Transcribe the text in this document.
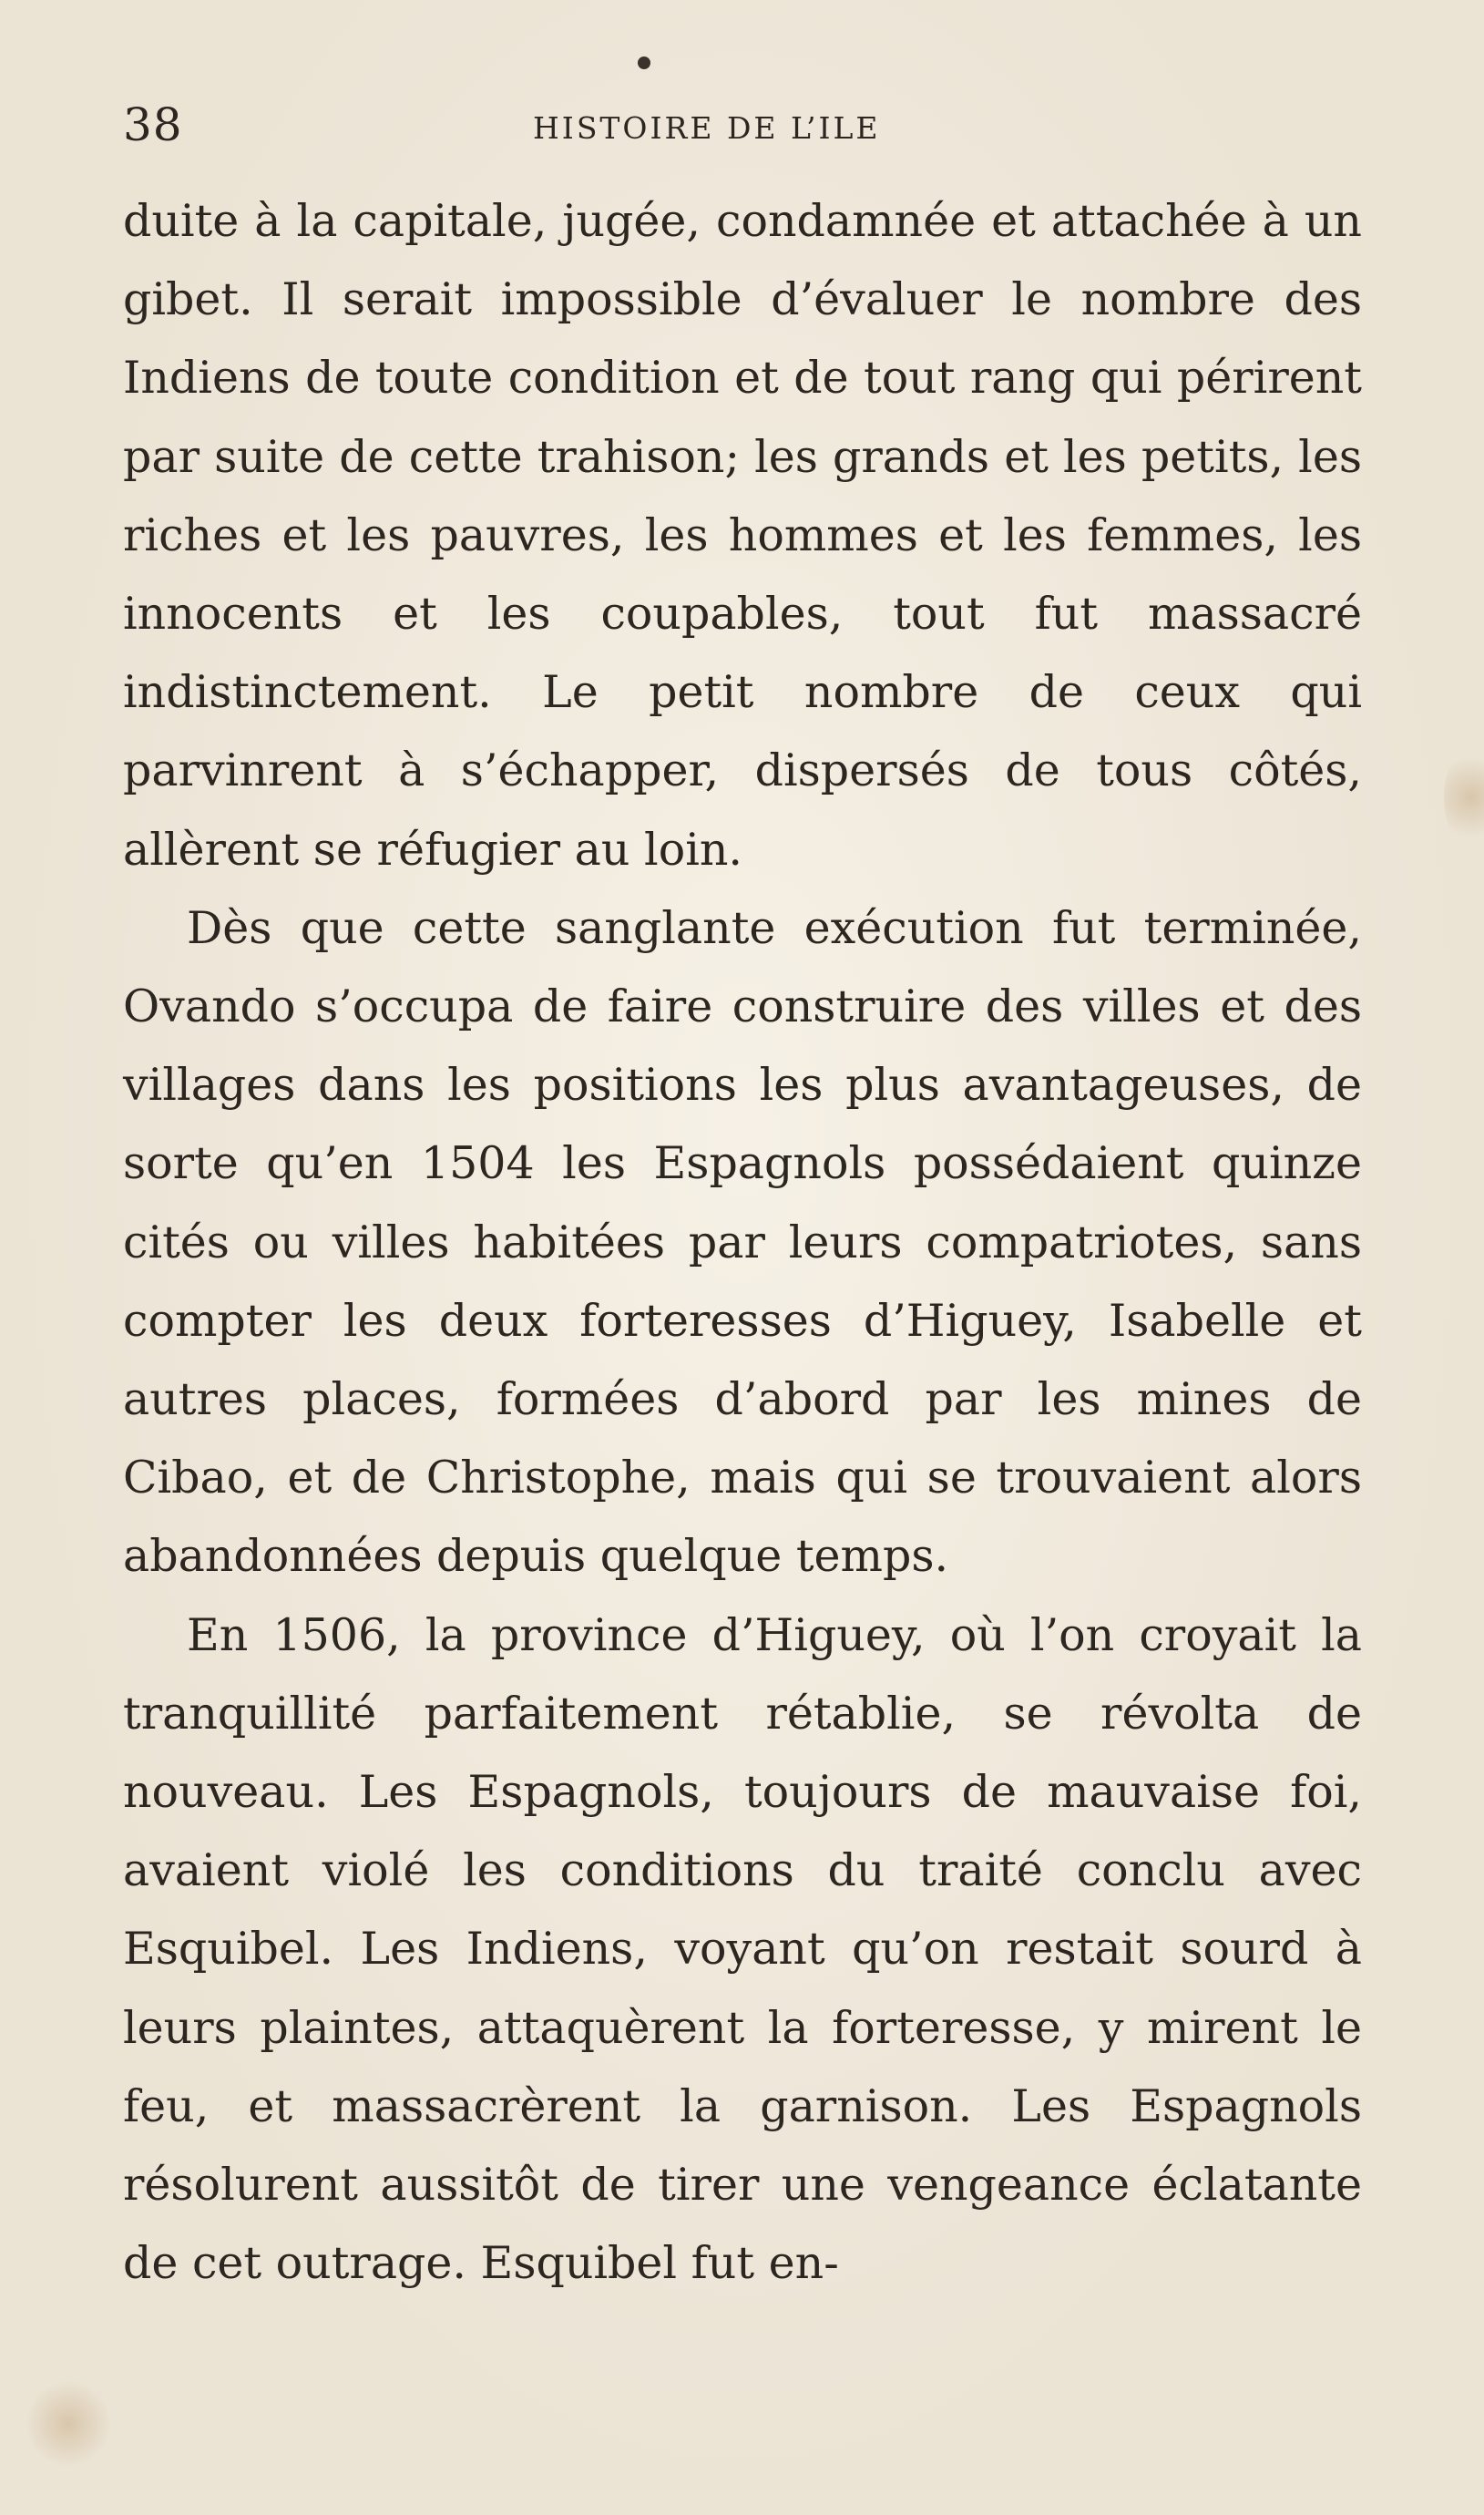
38	HISTOIRE DE L’ILE

duite à la capitale, jugée, condamnée et attachée à un gibet. Il serait impossible d’évaluer le nombre des Indiens de toute condition et de tout rang qui périrent par suite de cette trahison; les grands et les petits, les riches et les pauvres, les hommes et les femmes, les innocents et les coupables, tout fut massacré indistinctement. Le petit nombre de ceux qui parvinrent à s’échapper, dispersés de tous côtés, allèrent se réfugier au loin.

Dès que cette sanglante exécution fut terminée, Ovando s’occupa de faire construire des villes et des villages dans les positions les plus avantageuses, de sorte qu’en 1504 les Espagnols possédaient quinze cités ou villes habitées par leurs compatriotes, sans compter les deux forteresses d’Higuey, Isabelle et autres places, formées d’abord par les mines de Cibao, et de Christophe, mais qui se trouvaient alors abandonnées depuis quelque temps.

En 1506, la province d’Higuey, où l’on croyait la tranquillité parfaitement rétablie, se révolta de nouveau. Les Espagnols, toujours de mauvaise foi, avaient violé les conditions du traité conclu avec Esquibel. Les Indiens, voyant qu’on restait sourd à leurs plaintes, attaquèrent la forteresse, y mirent le feu, et massacrèrent la garnison. Les Espagnols résolurent aussitôt de tirer une vengeance éclatante de cet outrage. Esquibel fut en-
